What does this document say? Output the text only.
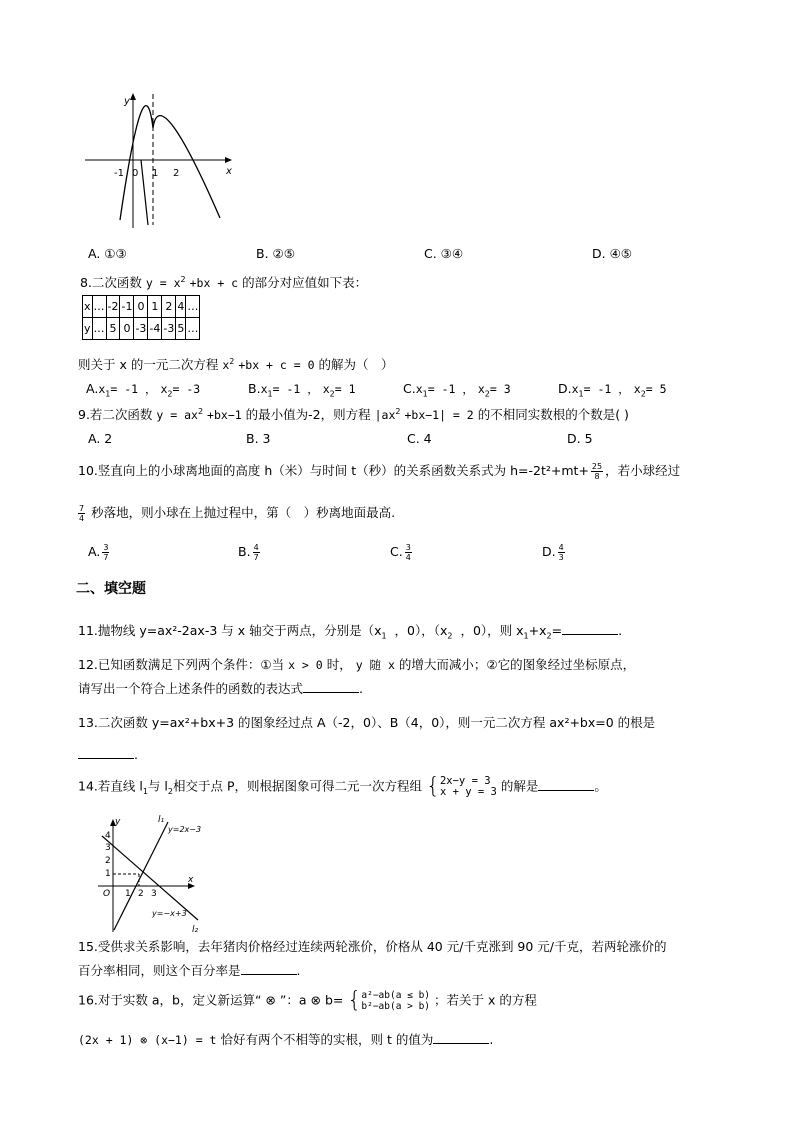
-1 0 1 2	x
y
A. ①③	B. ②⑤	C. ③④	D. ④⑤
8.二次函数 $y = x^2 +bx + c$ 的部分对应值如下表：
x	…	-2	-1	0	1	2	4	…
y	…	5	0	-3	-4	-3	5	…
则关于 x 的一元二次方程 $x^2 +bx + c = 0$ 的解为（　）
$A.x_1= -1$ ， $x_2= -3$	$B.x_1= -1$ ， $x_2= 1$	$C.x_1= -1$ ， $x_2= 3$	$D.x_1= -1$ ， $x_2= 5$
9.若二次函数 $y = ax^2 +bx-1$ 的最小值为-2，则方程 $|ax^2 +bx-1| = 2$ 的不相同实数根的个数是( )
A. 2	B. 3	C. 4	D. 5
10.竖直向上的小球离地面的高度 h（米）与时间 t（秒）的关系函数关系式为 $h=-2t^2+mt+ \frac{25}{8}$ ，若小球经过
$\frac{7}{4}$ 秒落地，则小球在上抛过程中，第（　）秒离地面最高.
A. $\frac{3}{7}$	B. $\frac{4}{7}$	C. $\frac{3}{4}$	D. $\frac{4}{3}$
二、填空题
11.抛物线 y=ax²-2ax-3 与 x 轴交于两点，分别是（$x_1$ ，0），（$x_2$ ，0），则 $x_1+x_2=$	.
12.已知函数满足下列两个条件：①当 x > 0 时， y 随 x 的增大而减小；②它的图象经过坐标原点，
请写出一个符合上述条件的函数的表达式	.
13.二次函数 y=ax²+bx+3 的图象经过点 A（-2，0）、B（4，0），则一元二次方程 ax²+bx=0 的根是
.
14.若直线 $l_1$与 $l_2$相交于点 P，则根据图象可得二元一次方程组 { 2x−y = 3
x + y = 3 的解是	。
y
x
O
4
3
2
1
1 2 3
l₁
y=2x−3
l₂
y=−x+3
15.受供求关系影响，去年猪肉价格经过连续两轮涨价，价格从 40 元/千克涨到 90 元/千克，若两轮涨价的
百分率相同，则这个百分率是	.
16.对于实数 a，b，定义新运算“ ⊗ ”：a ⊗ b= { a²−ab(a ≤ b)
b²−ab(a > b) ；若关于 x 的方程
(2x + 1) ⊗ (x−1) = t 恰好有两个不相等的实根，则 t 的值为	.
